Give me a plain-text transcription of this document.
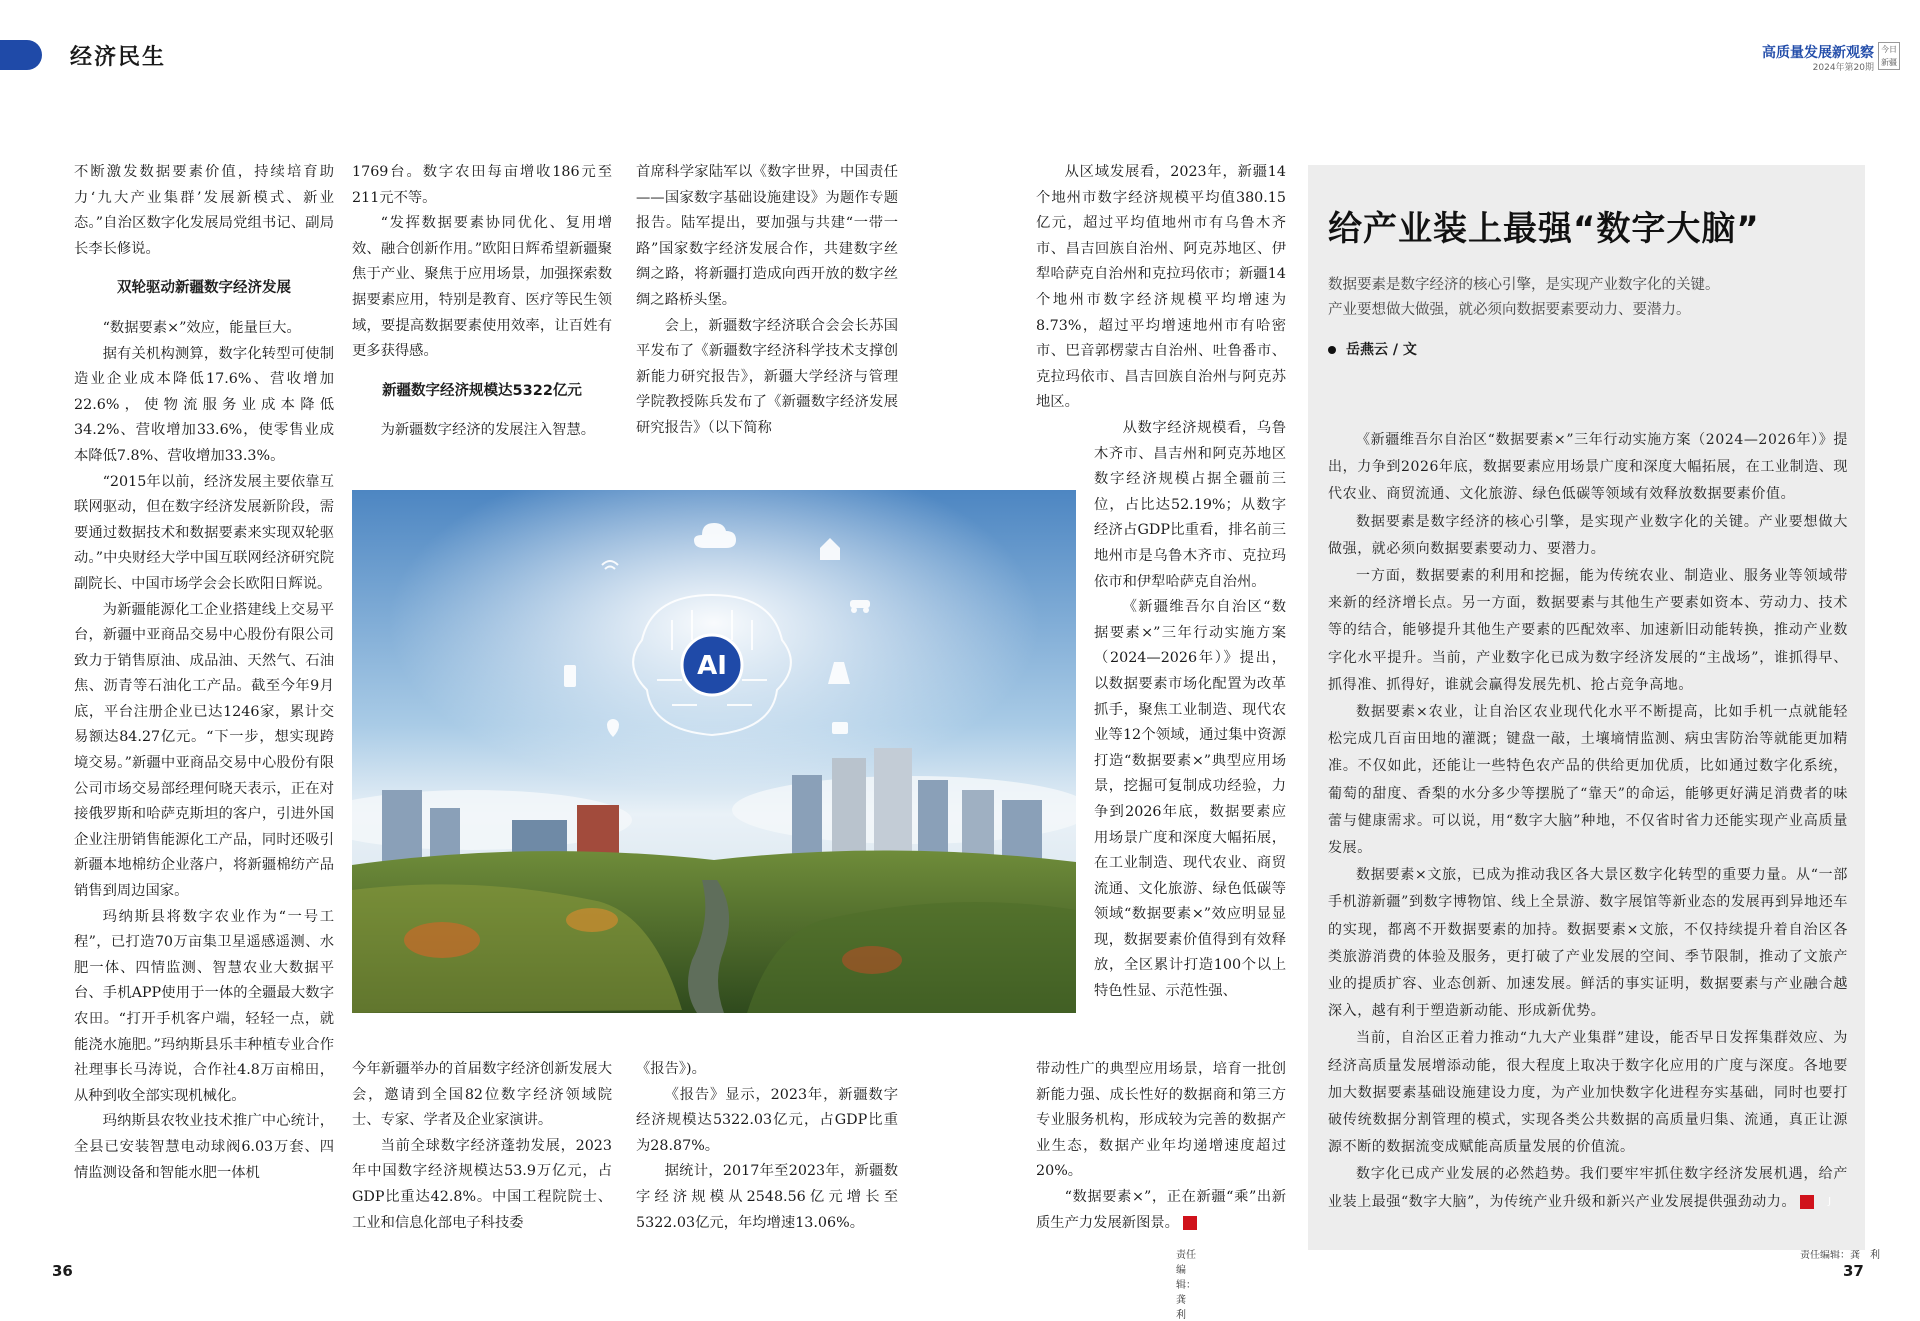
经济民生

不断激发数据要素价值，持续培育助力‘九大产业集群’发展新模式、新业态。”自治区数字化发展局党组书记、副局长李长修说。

双轮驱动新疆数字经济发展

“数据要素×”效应，能量巨大。

据有关机构测算，数字化转型可使制造业企业成本降低17.6%、营收增加22.6%，使物流服务业成本降低34.2%、营收增加33.6%，使零售业成本降低7.8%、营收增加33.3%。

“2015年以前，经济发展主要依靠互联网驱动，但在数字经济发展新阶段，需要通过数据技术和数据要素来实现双轮驱动。”中央财经大学中国互联网经济研究院副院长、中国市场学会会长欧阳日辉说。

为新疆能源化工企业搭建线上交易平台，新疆中亚商品交易中心股份有限公司致力于销售原油、成品油、天然气、石油焦、沥青等石油化工产品。截至今年9月底，平台注册企业已达1246家，累计交易额达84.27亿元。“下一步，想实现跨境交易。”新疆中亚商品交易中心股份有限公司市场交易部经理何晓天表示，正在对接俄罗斯和哈萨克斯坦的客户，引进外国企业注册销售能源化工产品，同时还吸引新疆本地棉纺企业落户，将新疆棉纺产品销售到周边国家。

玛纳斯县将数字农业作为“一号工程”，已打造70万亩集卫星遥感遥测、水肥一体、四情监测、智慧农业大数据平台、手机APP使用于一体的全疆最大数字农田。“打开手机客户端，轻轻一点，就能浇水施肥。”玛纳斯县乐丰种植专业合作社理事长马涛说，合作社4.8万亩棉田，从种到收全部实现机械化。

玛纳斯县农牧业技术推广中心统计，全县已安装智慧电动球阀6.03万套、四情监测设备和智能水肥一体机

1769台。数字农田每亩增收186元至211元不等。

“发挥数据要素协同优化、复用增效、融合创新作用。”欧阳日辉希望新疆聚焦于产业、聚焦于应用场景，加强探索数据要素应用，特别是教育、医疗等民生领域，要提高数据要素使用效率，让百姓有更多获得感。

新疆数字经济规模达5322亿元

为新疆数字经济的发展注入智慧。

首席科学家陆军以《数字世界，中国责任——国家数字基础设施建设》为题作专题报告。陆军提出，要加强与共建“一带一路”国家数字经济发展合作，共建数字丝绸之路，将新疆打造成向西开放的数字丝绸之路桥头堡。

会上，新疆数字经济联合会会长苏国平发布了《新疆数字经济科学技术支撑创新能力研究报告》，新疆大学经济与管理学院教授陈兵发布了《新疆数字经济发展研究报告》（以下简称

今年新疆举办的首届数字经济创新发展大会，邀请到全国82位数字经济领域院士、专家、学者及企业家演讲。

当前全球数字经济蓬勃发展，2023年中国数字经济规模达53.9万亿元，占GDP比重达42.8%。中国工程院院士、工业和信息化部电子科技委

《报告》)。

《报告》显示，2023年，新疆数字经济规模达5322.03亿元，占GDP比重为28.87%。

据统计，2017年至2023年，新疆数字经济规模从2548.56亿元增长至5322.03亿元，年均增速13.06%。

责任编辑：龚　利
36

从区域发展看，2023年，新疆14个地州市数字经济规模平均值380.15亿元，超过平均值地州市有乌鲁木齐市、昌吉回族自治州、阿克苏地区、伊犁哈萨克自治州和克拉玛依市；新疆14个地州市数字经济规模平均增速为8.73%，超过平均增速地州市有哈密市、巴音郭楞蒙古自治州、吐鲁番市、克拉玛依市、昌吉回族自治州与阿克苏地区。

从数字经济规模看，乌鲁木齐市、昌吉州和阿克苏地区数字经济规模占据全疆前三位，占比达52.19%；从数字经济占GDP比重看，排名前三地州市是乌鲁木齐市、克拉玛依市和伊犁哈萨克自治州。

《新疆维吾尔自治区“数据要素×”三年行动实施方案（2024—2026年）》提出，以数据要素市场化配置为改革抓手，聚焦工业制造、现代农业等12个领域，通过集中资源打造“数据要素×”典型应用场景，挖掘可复制成功经验，力争到2026年底，数据要素应用场景广度和深度大幅拓展，在工业制造、现代农业、商贸流通、文化旅游、绿色低碳等领域“数据要素×”效应明显显现，数据要素价值得到有效释放，全区累计打造100个以上特色性显、示范性强、

带动性广的典型应用场景，培育一批创新能力强、成长性好的数据商和第三方专业服务机构，形成较为完善的数据产业生态，数据产业年均递增速度超过20%。

“数据要素×”，正在新疆“乘”出新质生产力发展新图景。	J

AI
高质量发展新观察
2024年第20期
今日新疆
责任编辑：龚　利
37
给产业装上最强“数字大脑”

数据要素是数字经济的核心引擎，是实现产业数字化的关键。

产业要想做大做强，就必须向数据要素要动力、要潜力。

岳燕云 / 文

《新疆维吾尔自治区“数据要素×”三年行动实施方案（2024—2026年）》提出，力争到2026年底，数据要素应用场景广度和深度大幅拓展，在工业制造、现代农业、商贸流通、文化旅游、绿色低碳等领域有效释放数据要素价值。

数据要素是数字经济的核心引擎，是实现产业数字化的关键。产业要想做大做强，就必须向数据要素要动力、要潜力。

一方面，数据要素的利用和挖掘，能为传统农业、制造业、服务业等领域带来新的经济增长点。另一方面，数据要素与其他生产要素如资本、劳动力、技术等的结合，能够提升其他生产要素的匹配效率、加速新旧动能转换，推动产业数字化水平提升。当前，产业数字化已成为数字经济发展的“主战场”，谁抓得早、抓得准、抓得好，谁就会赢得发展先机、抢占竞争高地。

数据要素×农业，让自治区农业现代化水平不断提高，比如手机一点就能轻松完成几百亩田地的灌溉；键盘一敲，土壤墒情监测、病虫害防治等就能更加精准。不仅如此，还能让一些特色农产品的供给更加优质，比如通过数字化系统，葡萄的甜度、香梨的水分多少等摆脱了“靠天”的命运，能够更好满足消费者的味蕾与健康需求。可以说，用“数字大脑”种地，不仅省时省力还能实现产业高质量发展。

数据要素×文旅，已成为推动我区各大景区数字化转型的重要力量。从“一部手机游新疆”到数字博物馆、线上全景游、数字展馆等新业态的发展再到异地还车的实现，都离不开数据要素的加持。数据要素×文旅，不仅持续提升着自治区各类旅游消费的体验及服务，更打破了产业发展的空间、季节限制，推动了文旅产业的提质扩容、业态创新、加速发展。鲜活的事实证明，数据要素与产业融合越深入，越有利于塑造新动能、形成新优势。

当前，自治区正着力推动“九大产业集群”建设，能否早日发挥集群效应、为经济高质量发展增添动能，很大程度上取决于数字化应用的广度与深度。各地要加大数据要素基础设施建设力度，为产业加快数字化进程夯实基础，同时也要打破传统数据分割管理的模式，实现各类公共数据的高质量归集、流通，真正让源源不断的数据流变成赋能高质量发展的价值流。

数字化已成产业发展的必然趋势。我们要牢牢抓住数字经济发展机遇，给产业装上最强“数字大脑”，为传统产业升级和新兴产业发展提供强劲动力。	J
